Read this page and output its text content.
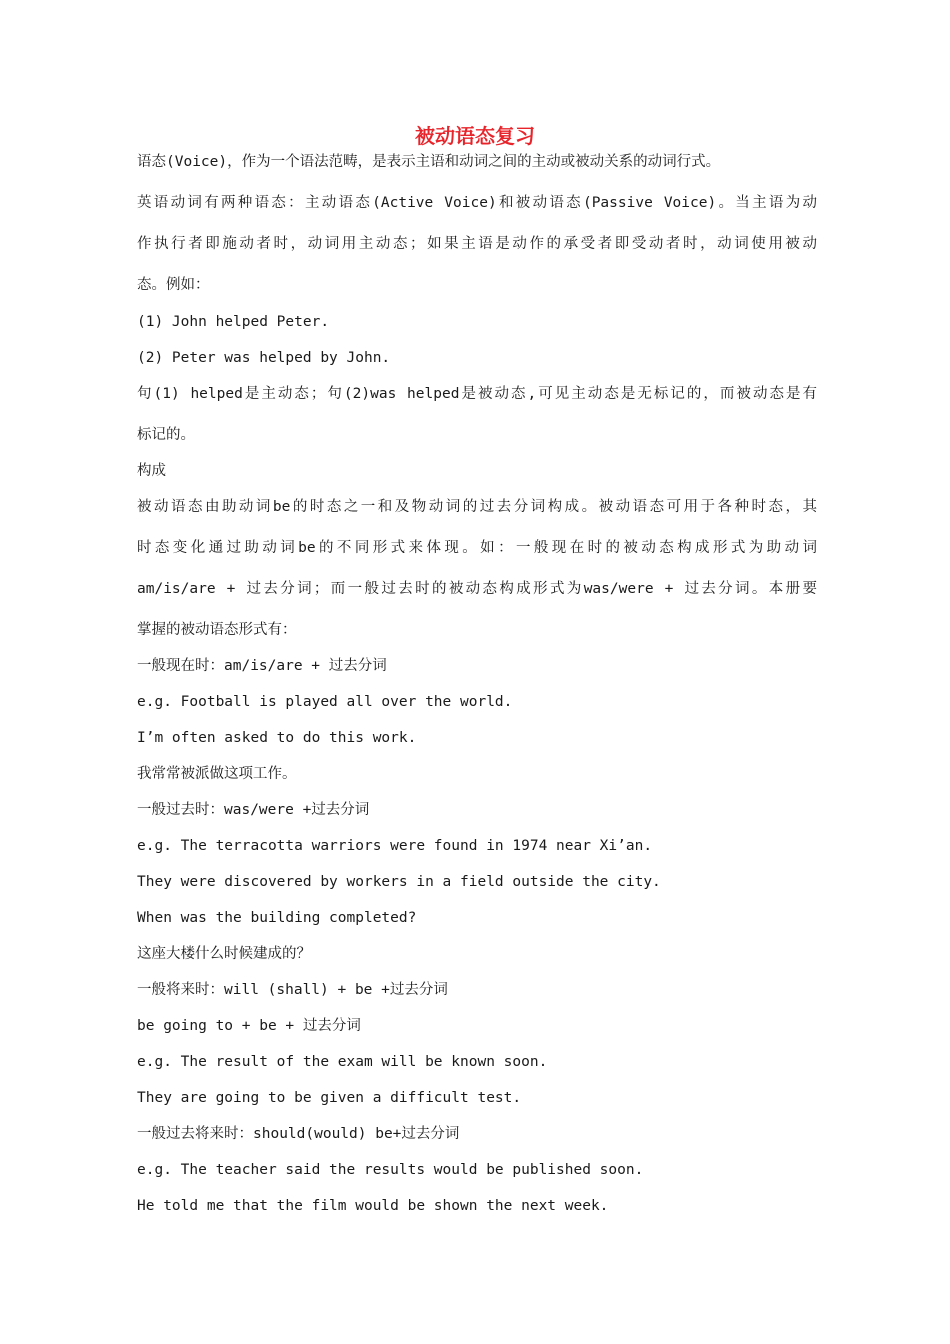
被动语态复习
语态(Voice)，作为一个语法范畴，是表示主语和动词之间的主动或被动关系的动词行式。
英语动词有两种语态：主动语态(Active Voice)和被动语态(Passive Voice)。当主语为动
作执行者即施动者时，动词用主动态；如果主语是动作的承受者即受动者时，动词使用被动
态。例如：
(1) John helped Peter.
(2) Peter was helped by John.
句(1) helped是主动态；句(2)was helped是被动态,可见主动态是无标记的，而被动态是有
标记的。
构成
被动语态由助动词be的时态之一和及物动词的过去分词构成。被动语态可用于各种时态，其
时态变化通过助动词be的不同形式来体现。如：一般现在时的被动态构成形式为助动词
am/is/are + 过去分词；而一般过去时的被动态构成形式为was/were + 过去分词。本册要
掌握的被动语态形式有：
一般现在时：am/is/are + 过去分词
e.g. Football is played all over the world.
I’m often asked to do this work.
我常常被派做这项工作。
一般过去时：was/were +过去分词
e.g. The terracotta warriors were found in 1974 near Xi’an.
They were discovered by workers in a field outside the city.
When was the building completed?
这座大楼什么时候建成的？
一般将来时：will (shall) + be +过去分词
be going to + be + 过去分词
e.g. The result of the exam will be known soon.
They are going to be given a difficult test.
一般过去将来时：should(would) be+过去分词
e.g. The teacher said the results would be published soon.
He told me that the film would be shown the next week.
